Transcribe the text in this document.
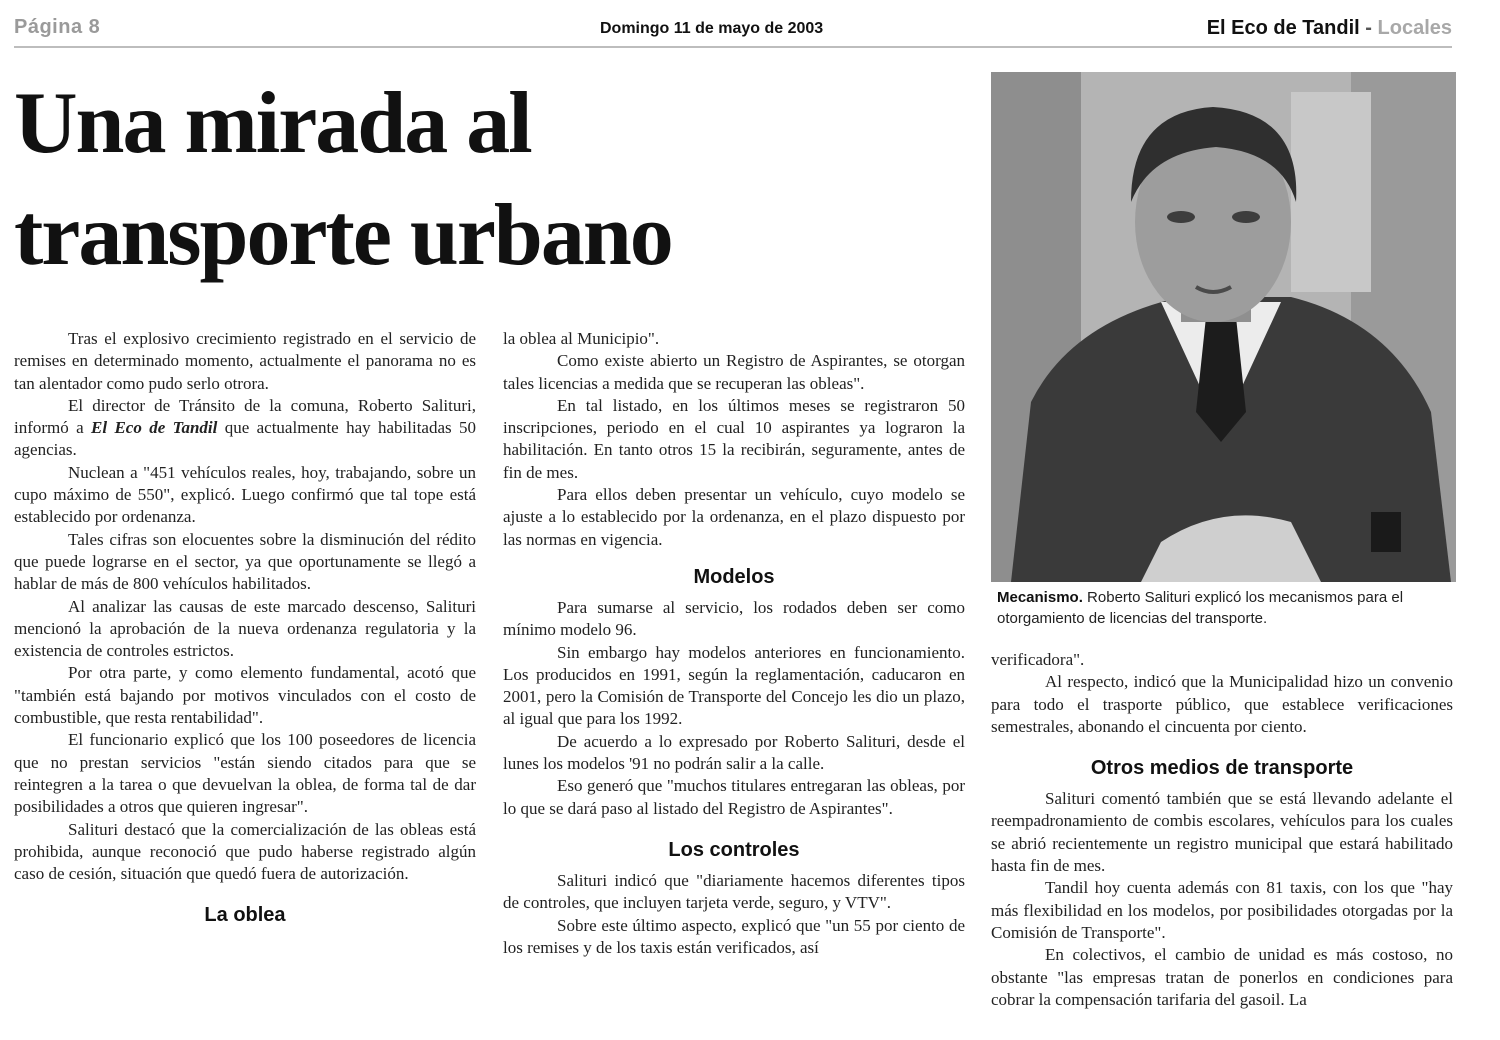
Página 8	Domingo 11 de mayo de 2003	El Eco de Tandil - Locales
Una mirada al transporte urbano

Tras el explosivo crecimiento registrado en el servicio de remises en determinado momento, actualmente el panorama no es tan alentador como pudo serlo otrora.

El director de Tránsito de la comuna, Roberto Salituri, informó a El Eco de Tandil que actualmente hay habilitadas 50 agencias.

Nuclean a "451 vehículos reales, hoy, trabajando, sobre un cupo máximo de 550", explicó. Luego confirmó que tal tope está establecido por ordenanza.

Tales cifras son elocuentes sobre la disminución del rédito que puede lograrse en el sector, ya que oportunamente se llegó a hablar de más de 800 vehículos habilitados.

Al analizar las causas de este marcado descenso, Salituri mencionó la aprobación de la nueva ordenanza regulatoria y la existencia de controles estrictos.

Por otra parte, y como elemento fundamental, acotó que "también está bajando por motivos vinculados con el costo de combustible, que resta rentabilidad".

El funcionario explicó que los 100 poseedores de licencia que no prestan servicios "están siendo citados para que se reintegren a la tarea o que devuelvan la oblea, de forma tal de dar posibilidades a otros que quieren ingresar".

Salituri destacó que la comercialización de las obleas está prohibida, aunque reconoció que pudo haberse registrado algún caso de cesión, situación que quedó fuera de autorización.

La oblea

la oblea al Municipio".

Como existe abierto un Registro de Aspirantes, se otorgan tales licencias a medida que se recuperan las obleas".

En tal listado, en los últimos meses se registraron 50 inscripciones, periodo en el cual 10 aspirantes ya lograron la habilitación. En tanto otros 15 la recibirán, seguramente, antes de fin de mes.

Para ellos deben presentar un vehículo, cuyo modelo se ajuste a lo establecido por la ordenanza, en el plazo dispuesto por las normas en vigencia.

Modelos

Para sumarse al servicio, los rodados deben ser como mínimo modelo 96.

Sin embargo hay modelos anteriores en funcionamiento. Los producidos en 1991, según la reglamentación, caducaron en 2001, pero la Comisión de Transporte del Concejo les dio un plazo, al igual que para los 1992.

De acuerdo a lo expresado por Roberto Salituri, desde el lunes los modelos '91 no podrán salir a la calle.

Eso generó que "muchos titulares entregaran las obleas, por lo que se dará paso al listado del Registro de Aspirantes".

Los controles

Salituri indicó que "diariamente hacemos diferentes tipos de controles, que incluyen tarjeta verde, seguro, y VTV".

Sobre este último aspecto, explicó que "un 55 por ciento de los remises y de los taxis están verificados, así

Mecanismo. Roberto Salituri explicó los mecanismos para el otorgamiento de licencias del transporte.

verificadora".

Al respecto, indicó que la Municipalidad hizo un convenio para todo el trasporte público, que establece verificaciones semestrales, abonando el cincuenta por ciento.

Otros medios de transporte

Salituri comentó también que se está llevando adelante el reempadronamiento de combis escolares, vehículos para los cuales se abrió recientemente un registro municipal que estará habilitado hasta fin de mes.

Tandil hoy cuenta además con 81 taxis, con los que "hay más flexibilidad en los modelos, por posibilidades otorgadas por la Comisión de Transporte".

En colectivos, el cambio de unidad es más costoso, no obstante "las empresas tratan de ponerlos en condiciones para cobrar la compensación tarifaria del gasoil. La
